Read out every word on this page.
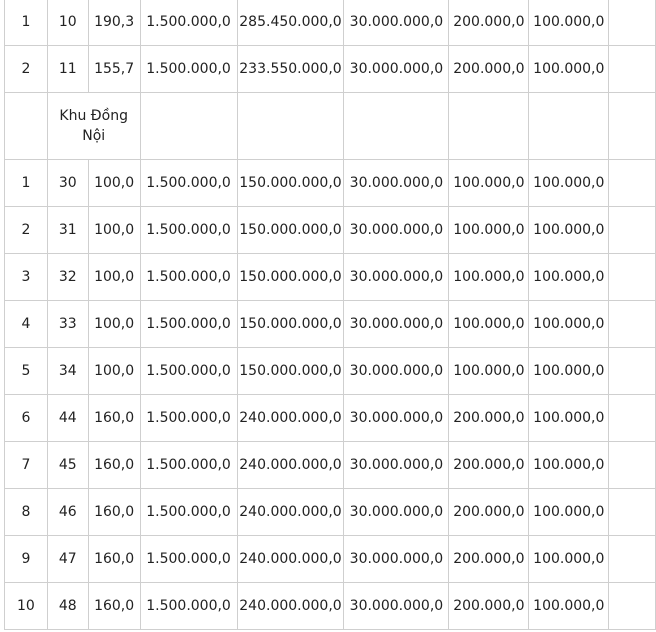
1	10	190,3	1.500.000,0	285.450.000,0	30.000.000,0	200.000,0	100.000,0	
2	11	155,7	1.500.000,0	233.550.000,0	30.000.000,0	200.000,0	100.000,0	
	Khu Đồng Nội							
1	30	100,0	1.500.000,0	150.000.000,0	30.000.000,0	100.000,0	100.000,0	
2	31	100,0	1.500.000,0	150.000.000,0	30.000.000,0	100.000,0	100.000,0	
3	32	100,0	1.500.000,0	150.000.000,0	30.000.000,0	100.000,0	100.000,0	
4	33	100,0	1.500.000,0	150.000.000,0	30.000.000,0	100.000,0	100.000,0	
5	34	100,0	1.500.000,0	150.000.000,0	30.000.000,0	100.000,0	100.000,0	
6	44	160,0	1.500.000,0	240.000.000,0	30.000.000,0	200.000,0	100.000,0	
7	45	160,0	1.500.000,0	240.000.000,0	30.000.000,0	200.000,0	100.000,0	
8	46	160,0	1.500.000,0	240.000.000,0	30.000.000,0	200.000,0	100.000,0	
9	47	160,0	1.500.000,0	240.000.000,0	30.000.000,0	200.000,0	100.000,0	
10	48	160,0	1.500.000,0	240.000.000,0	30.000.000,0	200.000,0	100.000,0	
